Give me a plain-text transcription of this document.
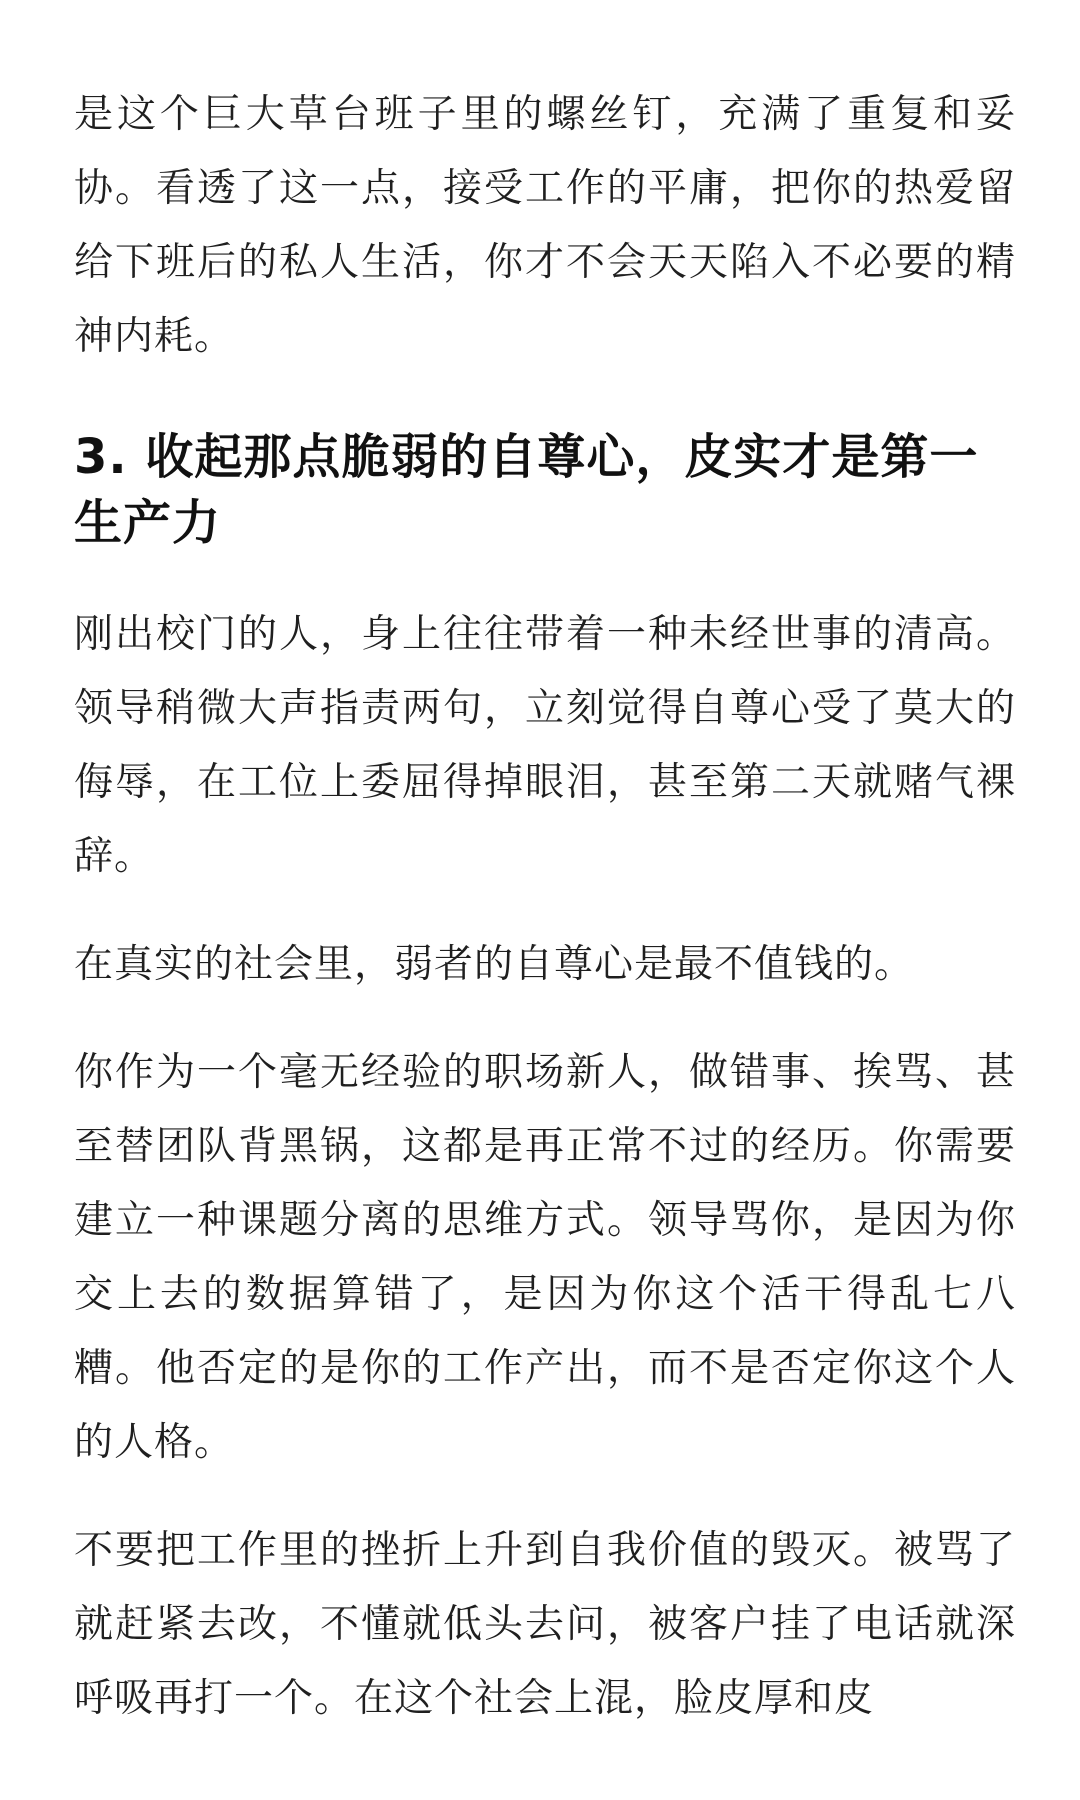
是这个巨大草台班子里的螺丝钉，充满了重复和妥协。看透了这一点，接受工作的平庸，把你的热爱留给下班后的私人生活，你才不会天天陷入不必要的精神内耗。

3. 收起那点脆弱的自尊心，皮实才是第一生产力

刚出校门的人，身上往往带着一种未经世事的清高。领导稍微大声指责两句，立刻觉得自尊心受了莫大的侮辱，在工位上委屈得掉眼泪，甚至第二天就赌气裸辞。

在真实的社会里，弱者的自尊心是最不值钱的。

你作为一个毫无经验的职场新人，做错事、挨骂、甚至替团队背黑锅，这都是再正常不过的经历。你需要建立一种课题分离的思维方式。领导骂你，是因为你交上去的数据算错了，是因为你这个活干得乱七八糟。他否定的是你的工作产出，而不是否定你这个人的人格。

不要把工作里的挫折上升到自我价值的毁灭。被骂了就赶紧去改，不懂就低头去问，被客户挂了电话就深呼吸再打一个。在这个社会上混，脸皮厚和皮
